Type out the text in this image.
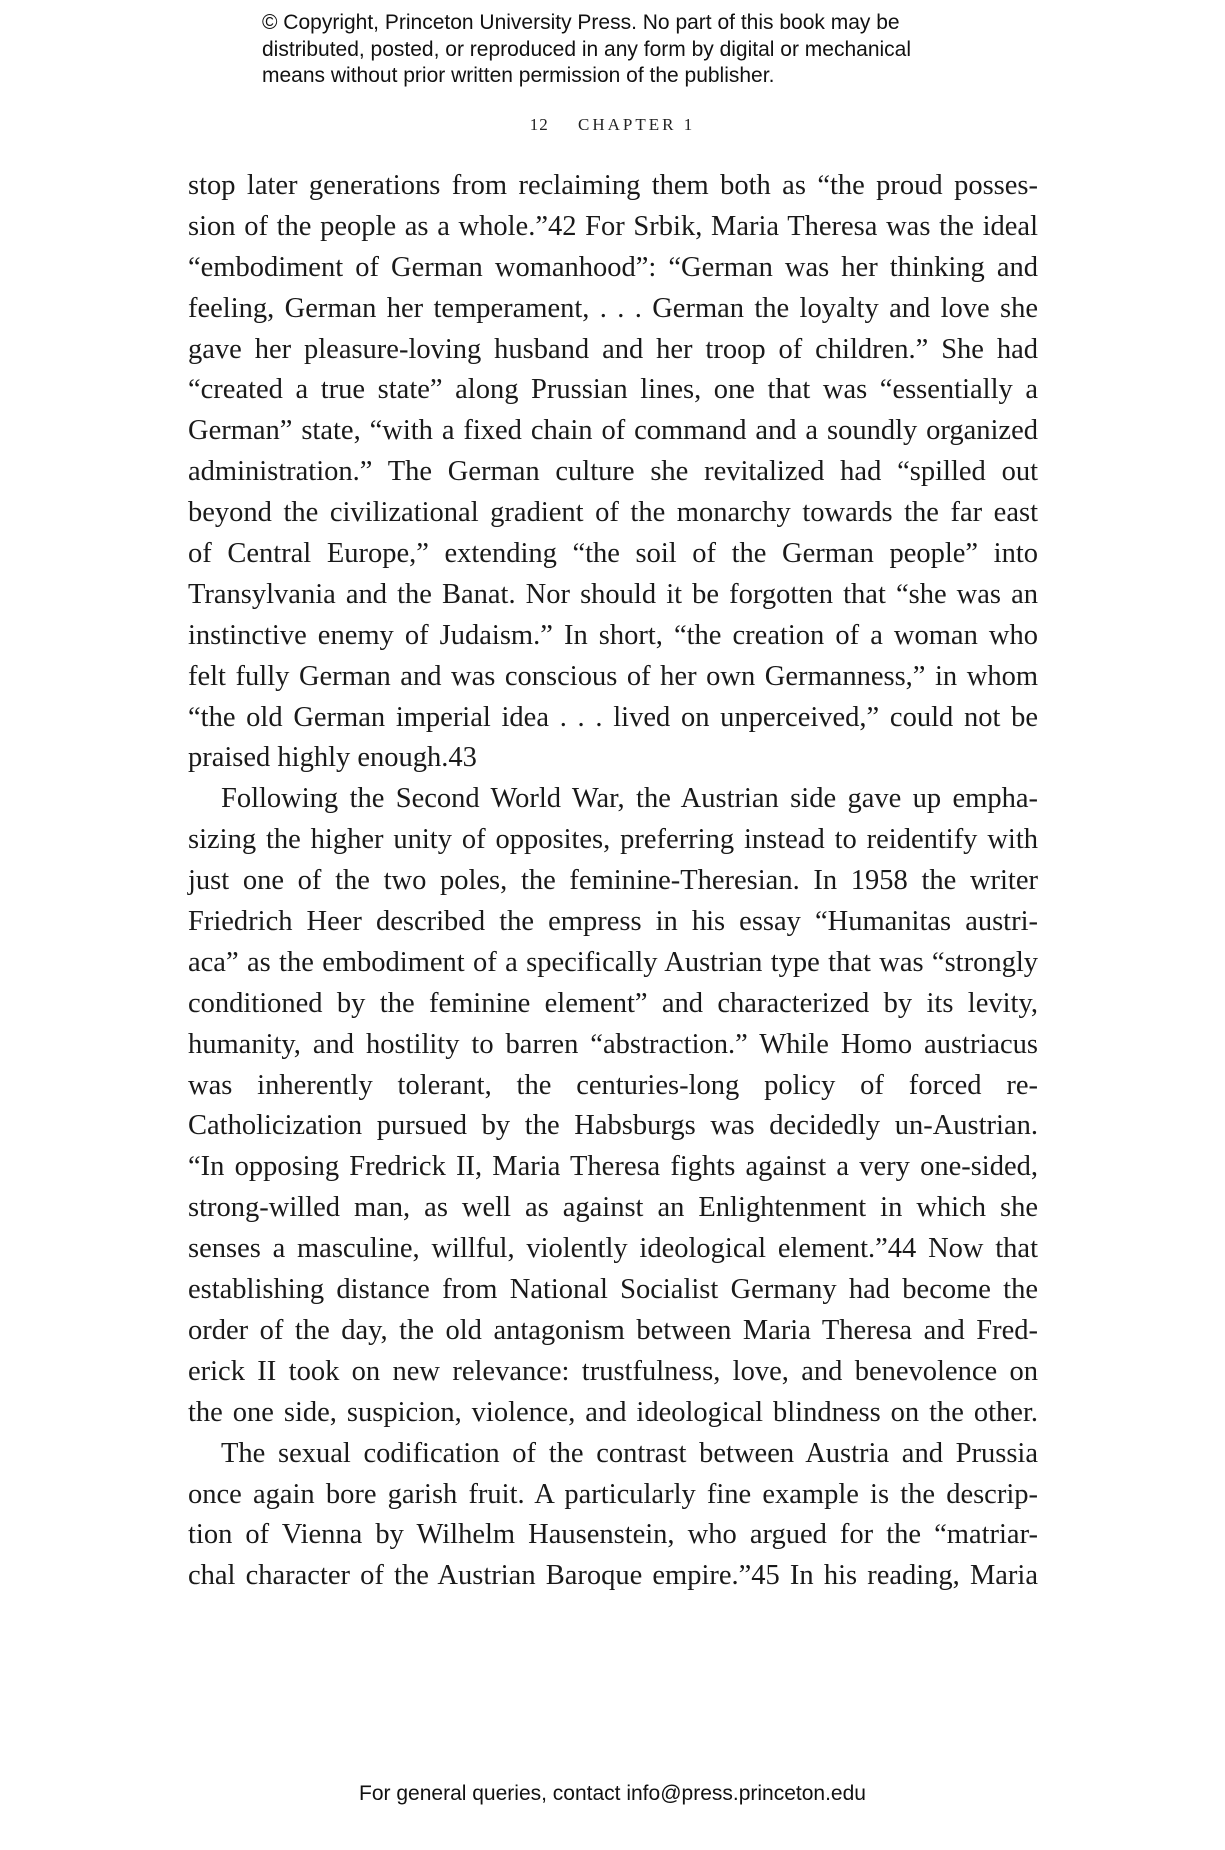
© Copyright, Princeton University Press. No part of this book may be
distributed, posted, or reproduced in any form by digital or mechanical
means without prior written permission of the publisher.
12 CHAPTER 1
stop later generations from reclaiming them both as “the proud posses-
sion of the people as a whole.”42 For Srbik, Maria Theresa was the ideal
“embodiment of German womanhood”: “German was her thinking and
feeling, German her temperament, . . . German the loyalty and love she
gave her pleasure-loving husband and her troop of children.” She had
“created a true state” along Prussian lines, one that was “essentially a
German” state, “with a fixed chain of command and a soundly organized
administration.” The German culture she revitalized had “spilled out
beyond the civilizational gradient of the monarchy towards the far east
of Central Europe,” extending “the soil of the German people” into
Transylvania and the Banat. Nor should it be forgotten that “she was an
instinctive enemy of Judaism.” In short, “the creation of a woman who
felt fully German and was conscious of her own Germanness,” in whom
“the old German imperial idea . . . lived on unperceived,” could not be
praised highly enough.43
Following the Second World War, the Austrian side gave up empha-
sizing the higher unity of opposites, preferring instead to reidentify with
just one of the two poles, the feminine-Theresian. In 1958 the writer
Friedrich Heer described the empress in his essay “Humanitas austri-
aca” as the embodiment of a specifically Austrian type that was “strongly
conditioned by the feminine element” and characterized by its levity,
humanity, and hostility to barren “abstraction.” While Homo austriacus
was inherently tolerant, the centuries-long policy of forced re-
Catholicization pursued by the Habsburgs was decidedly un-Austrian.
“In opposing Fredrick II, Maria Theresa fights against a very one-sided,
strong-willed man, as well as against an Enlightenment in which she
senses a masculine, willful, violently ideological element.”44 Now that
establishing distance from National Socialist Germany had become the
order of the day, the old antagonism between Maria Theresa and Fred-
erick II took on new relevance: trustfulness, love, and benevolence on
the one side, suspicion, violence, and ideological blindness on the other.
The sexual codification of the contrast between Austria and Prussia
once again bore garish fruit. A particularly fine example is the descrip-
tion of Vienna by Wilhelm Hausenstein, who argued for the “matriar-
chal character of the Austrian Baroque empire.”45 In his reading, Maria
For general queries, contact info@press.princeton.edu
